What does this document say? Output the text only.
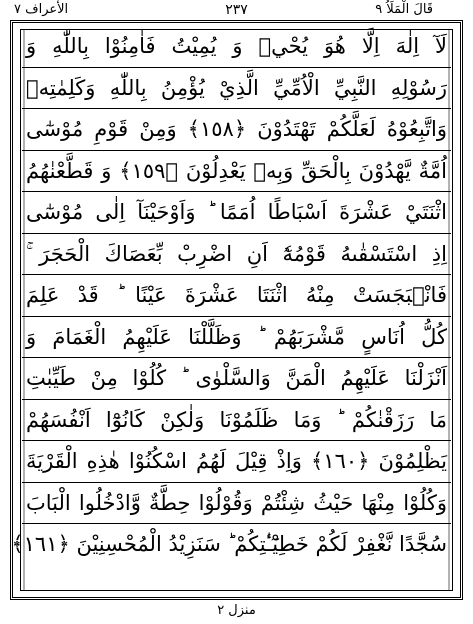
الأعراف ٧	٢٣٧	قَالَ الْمَلَاُ ٩
لَآ اِلٰهَ اِلَّا هُوَ يُحْيٖ وَ يُمِيْتُ فَاٰمِنُوْا بِاللّٰهِ وَ
رَسُوْلِهِ النَّبِيِّ الْاُمِّيِّ الَّذِيْ يُؤْمِنُ بِاللّٰهِ وَكَلِمٰتِهٖ
وَاتَّبِعُوْهُ لَعَلَّكُمْ تَهْتَدُوْنَ ﴿١٥٨﴾ وَمِنْ قَوْمِ مُوْسٰٓى
اُمَّةٌ يَّهْدُوْنَ بِالْحَقِّ وَبِهٖ يَعْدِلُوْنَ ﴿١٥٩﴾ وَ قَطَّعْنٰهُمُ
اثْنَتَيْ عَشْرَةَ اَسْبَاطًا اُمَمًا ؕ وَاَوْحَيْنَآ اِلٰى مُوْسٰٓى
اِذِ اسْتَسْقٰىهُ قَوْمُهٗٓ اَنِ اضْرِبْ بِّعَصَاكَ الْحَجَرَ ۚ
فَانْۢبَجَسَتْ مِنْهُ اثْنَتَا عَشْرَةَ عَيْنًا ؕ قَدْ عَلِمَ
كُلُّ اُنَاسٍ مَّشْرَبَهُمْ ؕ وَظَلَّلْنَا عَلَيْهِمُ الْغَمَامَ وَ
اَنْزَلْنَا عَلَيْهِمُ الْمَنَّ وَالسَّلْوٰى ؕ كُلُوْا مِنْ طَيِّبٰتِ
مَا رَزَقْنٰكُمْ ؕ وَمَا ظَلَمُوْنَا وَلٰكِنْ كَانُوْٓا اَنْفُسَهُمْ
يَظْلِمُوْنَ ﴿١٦٠﴾ وَاِذْ قِيْلَ لَهُمُ اسْكُنُوْا هٰذِهِ الْقَرْيَةَ
وَكُلُوْا مِنْهَا حَيْثُ شِئْتُمْ وَقُوْلُوْا حِطَّةٌ وَّادْخُلُوا الْبَابَ
سُجَّدًا نَّغْفِرْ لَكُمْ خَطِيْٓـٰٔتِكُمْ ؕ سَنَزِيْدُ الْمُحْسِنِيْنَ ﴿١٦١﴾
منزل ٢
